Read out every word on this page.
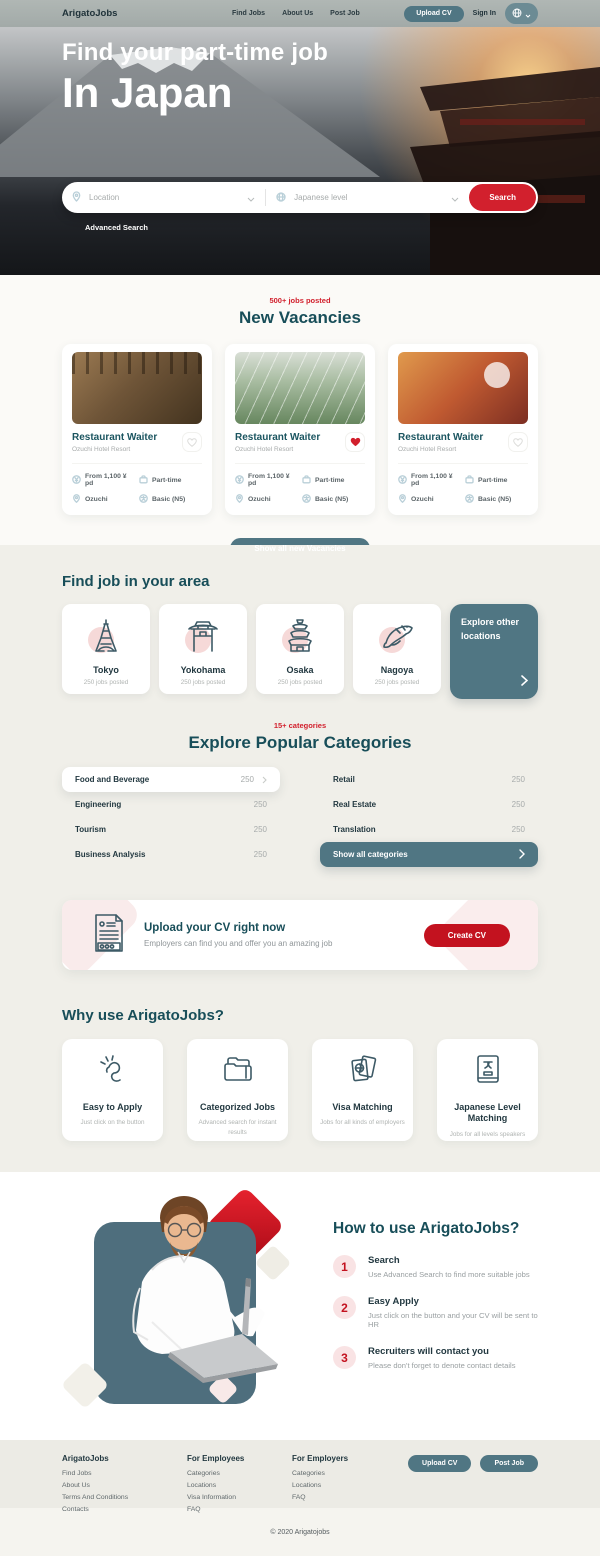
ArigatoJobs	Find Jobs About Us Post Job	Upload CV	Sign In
Find your part-time job
In Japan
Location
Japanese level
Search
Advanced Search
500+ jobs posted
New Vacancies
Restaurant Waiter
Ozuchi Hotel Resort
From 1,100 ¥ pd	Part-time
Ozuchi	Basic (N5)
Restaurant Waiter
Ozuchi Hotel Resort
From 1,100 ¥ pd	Part-time
Ozuchi	Basic (N5)
Restaurant Waiter
Ozuchi Hotel Resort
From 1,100 ¥ pd	Part-time
Ozuchi	Basic (N5)
Show all new Vacancies
Find job in your area
Tokyo
250 jobs posted
Yokohama
250 jobs posted
Osaka
250 jobs posted
Nagoya
250 jobs posted
Explore other locations
15+ categories
Explore Popular Categories
Food and Beverage	250	Retail	250
Engineering	250	Real Estate	250
Tourism	250	Translation	250
Business Analysis	250	Show all categories
Upload your CV right now
Employers can find you and offer you an amazing job
Create CV
Why use ArigatoJobs?
Easy to Apply
Just click on the button
Categorized Jobs
Advanced search for instant results
Visa Matching
Jobs for all kinds of employers
Japanese Level Matching
Jobs for all levels speakers
How to use ArigatoJobs?
1	Search
Use Advanced Search to find more suitable jobs
2	Easy Apply
Just click on the button and your CV will be sent to HR
3	Recruiters will contact you
Please don't forget to denote contact details
ArigatoJobs
Find Jobs
About Us
Terms And Conditions
Contacts
For Employees
Categories
Locations
Visa Information
FAQ
For Employers
Categories
Locations
FAQ
Upload CV	Post Job
© 2020 Arigatojobs
